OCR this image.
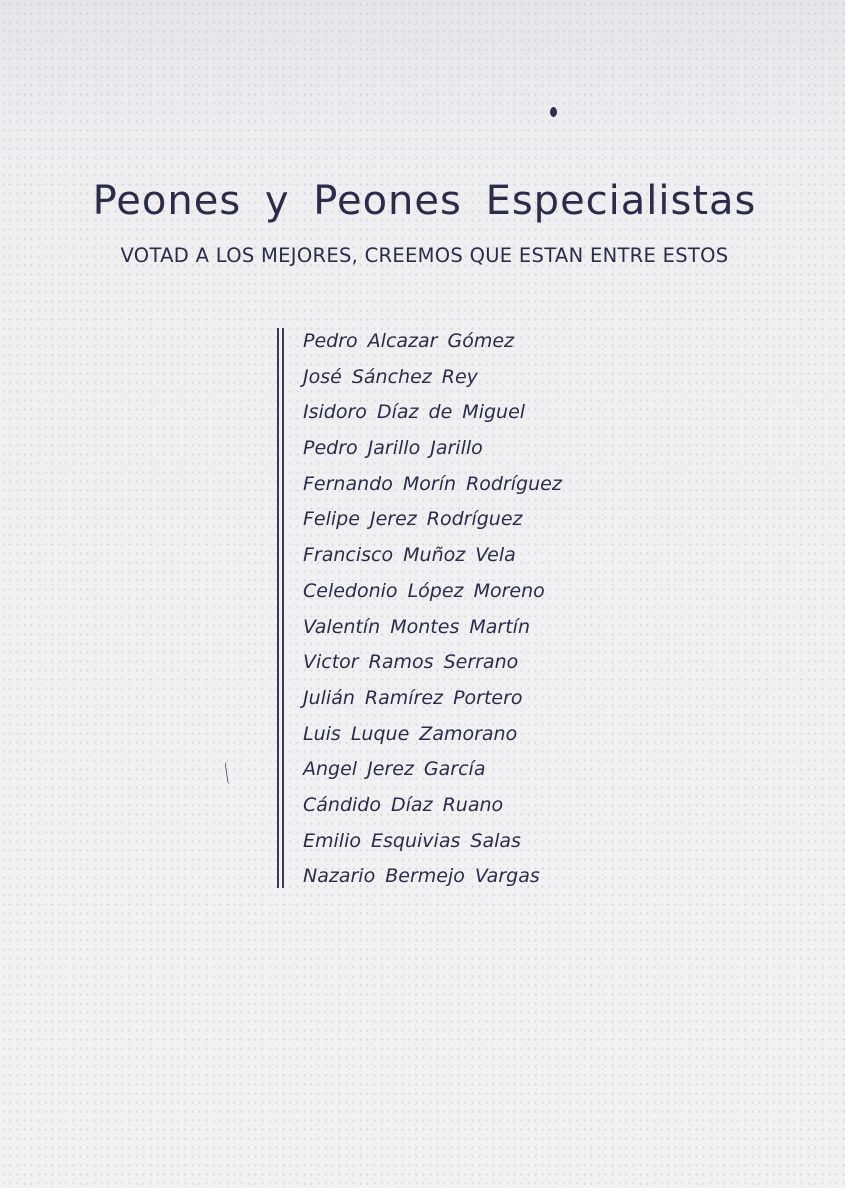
Peones y Peones Especialistas
VOTAD A LOS MEJORES, CREEMOS QUE ESTAN ENTRE ESTOS
Pedro Alcazar Gómez
José Sánchez Rey
Isidoro Díaz de Miguel
Pedro Jarillo Jarillo
Fernando Morín Rodríguez
Felipe Jerez Rodríguez
Francisco Muñoz Vela
Celedonio López Moreno
Valentín Montes Martín
Victor Ramos Serrano
Julián Ramírez Portero
Luis Luque Zamorano
Angel Jerez García
Cándido Díaz Ruano
Emilio Esquivias Salas
Nazario Bermejo Vargas
